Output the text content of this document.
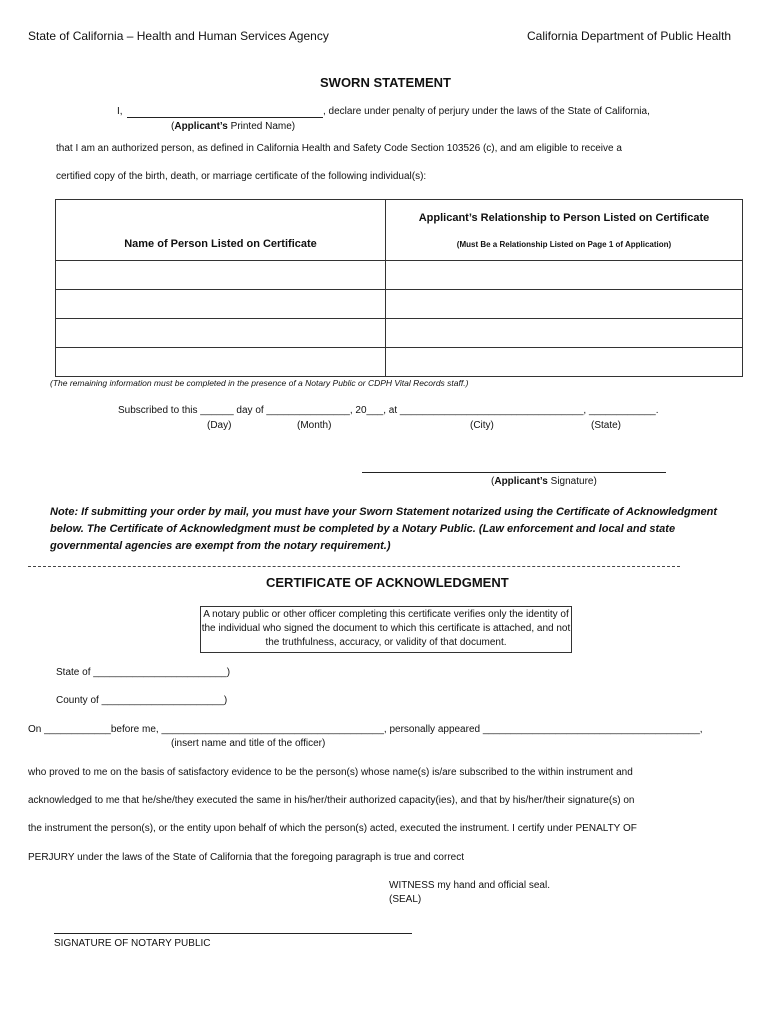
State of California – Health and Human Services Agency	California Department of Public Health
SWORN STATEMENT
I,	, declare under penalty of perjury under the laws of the State of California,
(Applicant’s Printed Name)
that I am an authorized person, as defined in California Health and Safety Code Section 103526 (c), and am eligible to receive a
certified copy of the birth, death, or marriage certificate of the following individual(s):
Name of Person Listed on Certificate	Applicant’s Relationship to Person Listed on Certificate
(Must Be a Relationship Listed on Page 1 of Application)

(The remaining information must be completed in the presence of a Notary Public or CDPH Vital Records staff.)
Subscribed to this ______ day of _______________, 20___, at _________________________________, ____________.
(Day)	(Month)	(City)	(State)
(Applicant’s Signature)
Note: If submitting your order by mail, you must have your Sworn Statement notarized using the Certificate of Acknowledgment below. The Certificate of Acknowledgment must be completed by a Notary Public. (Law enforcement and local and state governmental agencies are exempt from the notary requirement.)
CERTIFICATE OF ACKNOWLEDGMENT
A notary public or other officer completing this certificate verifies only the identity of the individual who signed the document to which this certificate is attached, and not the truthfulness, accuracy, or validity of that document.
State of ________________________)
County of ______________________)
On ____________before me, ________________________________________, personally appeared _______________________________________,
(insert name and title of the officer)
who proved to me on the basis of satisfactory evidence to be the person(s) whose name(s) is/are subscribed to the within instrument and
acknowledged to me that he/she/they executed the same in his/her/their authorized capacity(ies), and that by his/her/their signature(s) on
the instrument the person(s), or the entity upon behalf of which the person(s) acted, executed the instrument. I certify under PENALTY OF
PERJURY under the laws of the State of California that the foregoing paragraph is true and correct
WITNESS my hand and official seal.
(SEAL)
SIGNATURE OF NOTARY PUBLIC
